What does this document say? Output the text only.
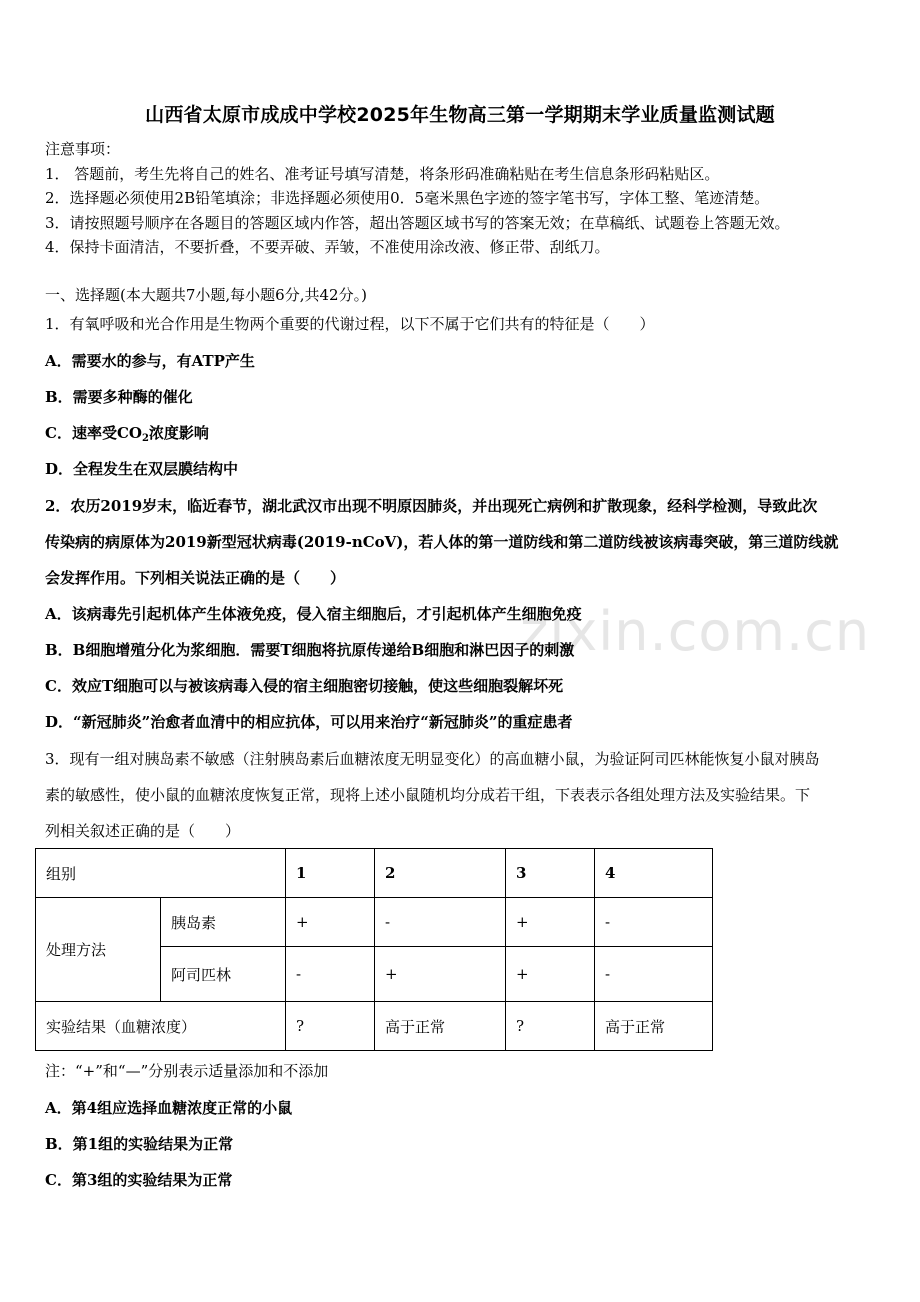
zixin.com.cn
山西省太原市成成中学校2025年生物高三第一学期期末学业质量监测试题
注意事项：
1． 答题前，考生先将自己的姓名、准考证号填写清楚，将条形码准确粘贴在考生信息条形码粘贴区。
2．选择题必须使用2B铅笔填涂；非选择题必须使用0．5毫米黑色字迹的签字笔书写，字体工整、笔迹清楚。
3．请按照题号顺序在各题目的答题区域内作答，超出答题区域书写的答案无效；在草稿纸、试题卷上答题无效。
4．保持卡面清洁，不要折叠，不要弄破、弄皱，不准使用涂改液、修正带、刮纸刀。
一、选择题(本大题共7小题,每小题6分,共42分。)
1．有氧呼吸和光合作用是生物两个重要的代谢过程，以下不属于它们共有的特征是（　　）
A．需要水的参与，有ATP产生
B．需要多种酶的催化
C．速率受$CO_2$浓度影响
D．全程发生在双层膜结构中
2．农历2019岁末，临近春节，湖北武汉市出现不明原因肺炎，并出现死亡病例和扩散现象，经科学检测，导致此次
传染病的病原体为2019新型冠状病毒(2019-nCoV)，若人体的第一道防线和第二道防线被该病毒突破，第三道防线就
会发挥作用。下列相关说法正确的是（　　）
A．该病毒先引起机体产生体液免疫，侵入宿主细胞后，才引起机体产生细胞免疫
B．B细胞增殖分化为浆细胞．需要T细胞将抗原传递给B细胞和淋巴因子的刺激
C．效应T细胞可以与被该病毒入侵的宿主细胞密切接触，使这些细胞裂解坏死
D．“新冠肺炎”治愈者血清中的相应抗体，可以用来治疗“新冠肺炎”的重症患者
3．现有一组对胰岛素不敏感（注射胰岛素后血糖浓度无明显变化）的高血糖小鼠，为验证阿司匹林能恢复小鼠对胰岛
素的敏感性，使小鼠的血糖浓度恢复正常，现将上述小鼠随机均分成若干组，下表表示各组处理方法及实验结果。下
列相关叙述正确的是（　　）
组别		1	2	3	4
处理方法	胰岛素	+	-	+	-
	阿司匹林	-	+	+	-
实验结果（血糖浓度）		?	高于正常	?	高于正常
注：“+”和“—”分别表示适量添加和不添加
A．第4组应选择血糖浓度正常的小鼠
B．第1组的实验结果为正常
C．第3组的实验结果为正常
